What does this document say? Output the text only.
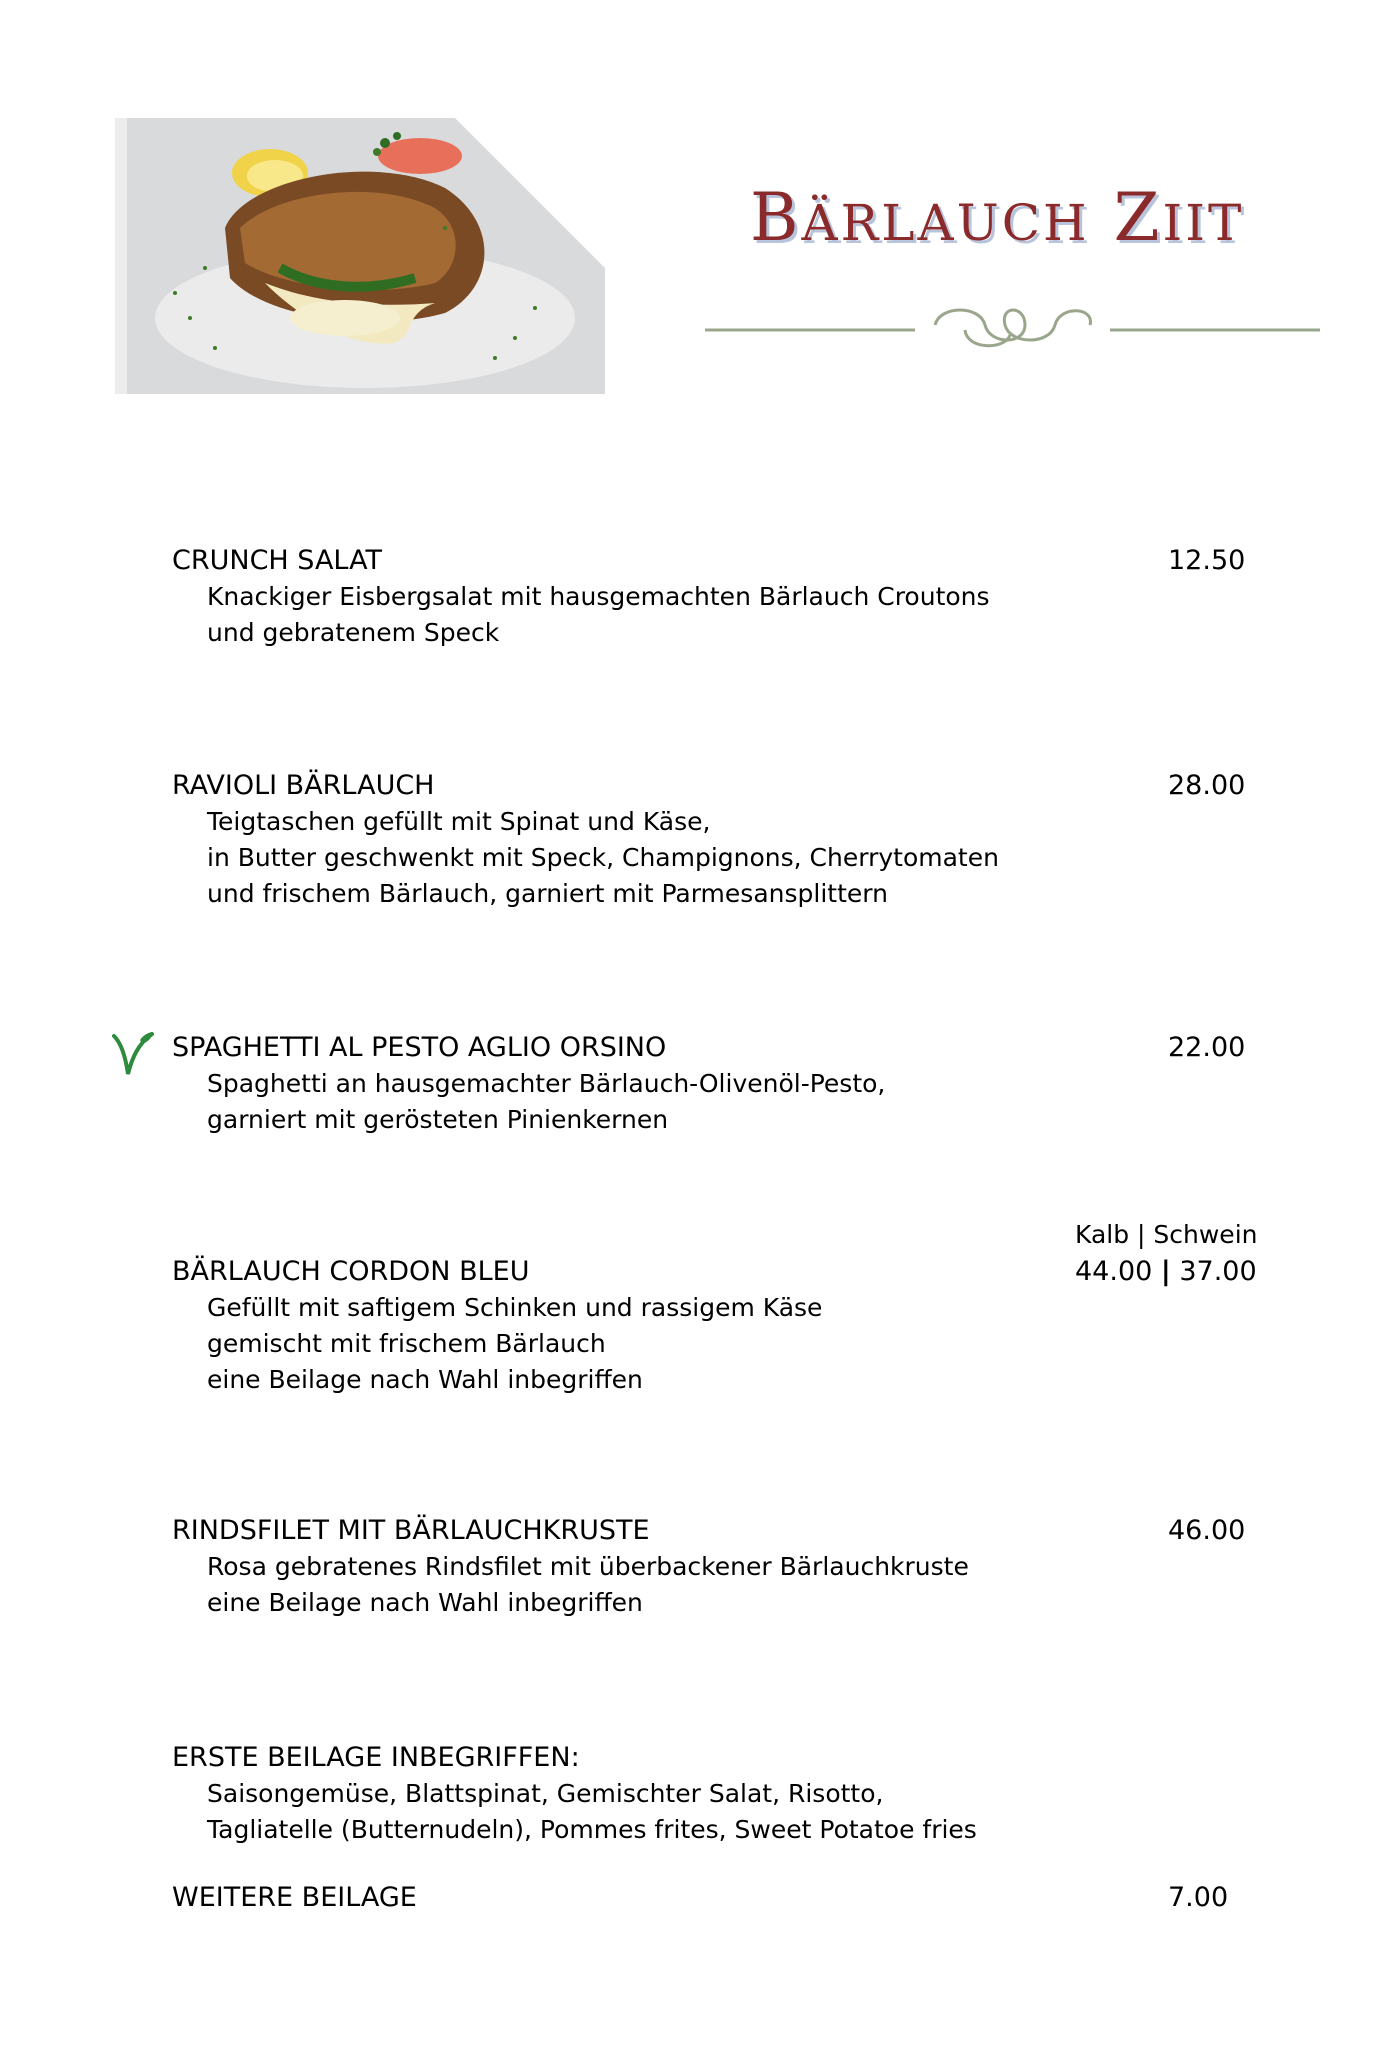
BÄRLAUCH ZIIT
CRUNCH SALAT
Knackiger Eisbergsalat mit hausgemachten Bärlauch Croutons
und gebratenem Speck
12.50
RAVIOLI BÄRLAUCH
Teigtaschen gefüllt mit Spinat und Käse,
in Butter geschwenkt mit Speck, Champignons, Cherrytomaten
und frischem Bärlauch, garniert mit Parmesansplittern
28.00
SPAGHETTI AL PESTO AGLIO ORSINO
Spaghetti an hausgemachter Bärlauch-Olivenöl-Pesto,
garniert mit gerösteten Pinienkernen
22.00
Kalb | Schwein
BÄRLAUCH CORDON BLEU
Gefüllt mit saftigem Schinken und rassigem Käse
gemischt mit frischem Bärlauch
eine Beilage nach Wahl inbegriffen
44.00 | 37.00
RINDSFILET MIT BÄRLAUCHKRUSTE
Rosa gebratenes Rindsfilet mit überbackener Bärlauchkruste
eine Beilage nach Wahl inbegriffen
46.00
ERSTE BEILAGE INBEGRIFFEN:
Saisongemüse, Blattspinat, Gemischter Salat, Risotto,
Tagliatelle (Butternudeln), Pommes frites, Sweet Potatoe fries
WEITERE BEILAGE	7.00
